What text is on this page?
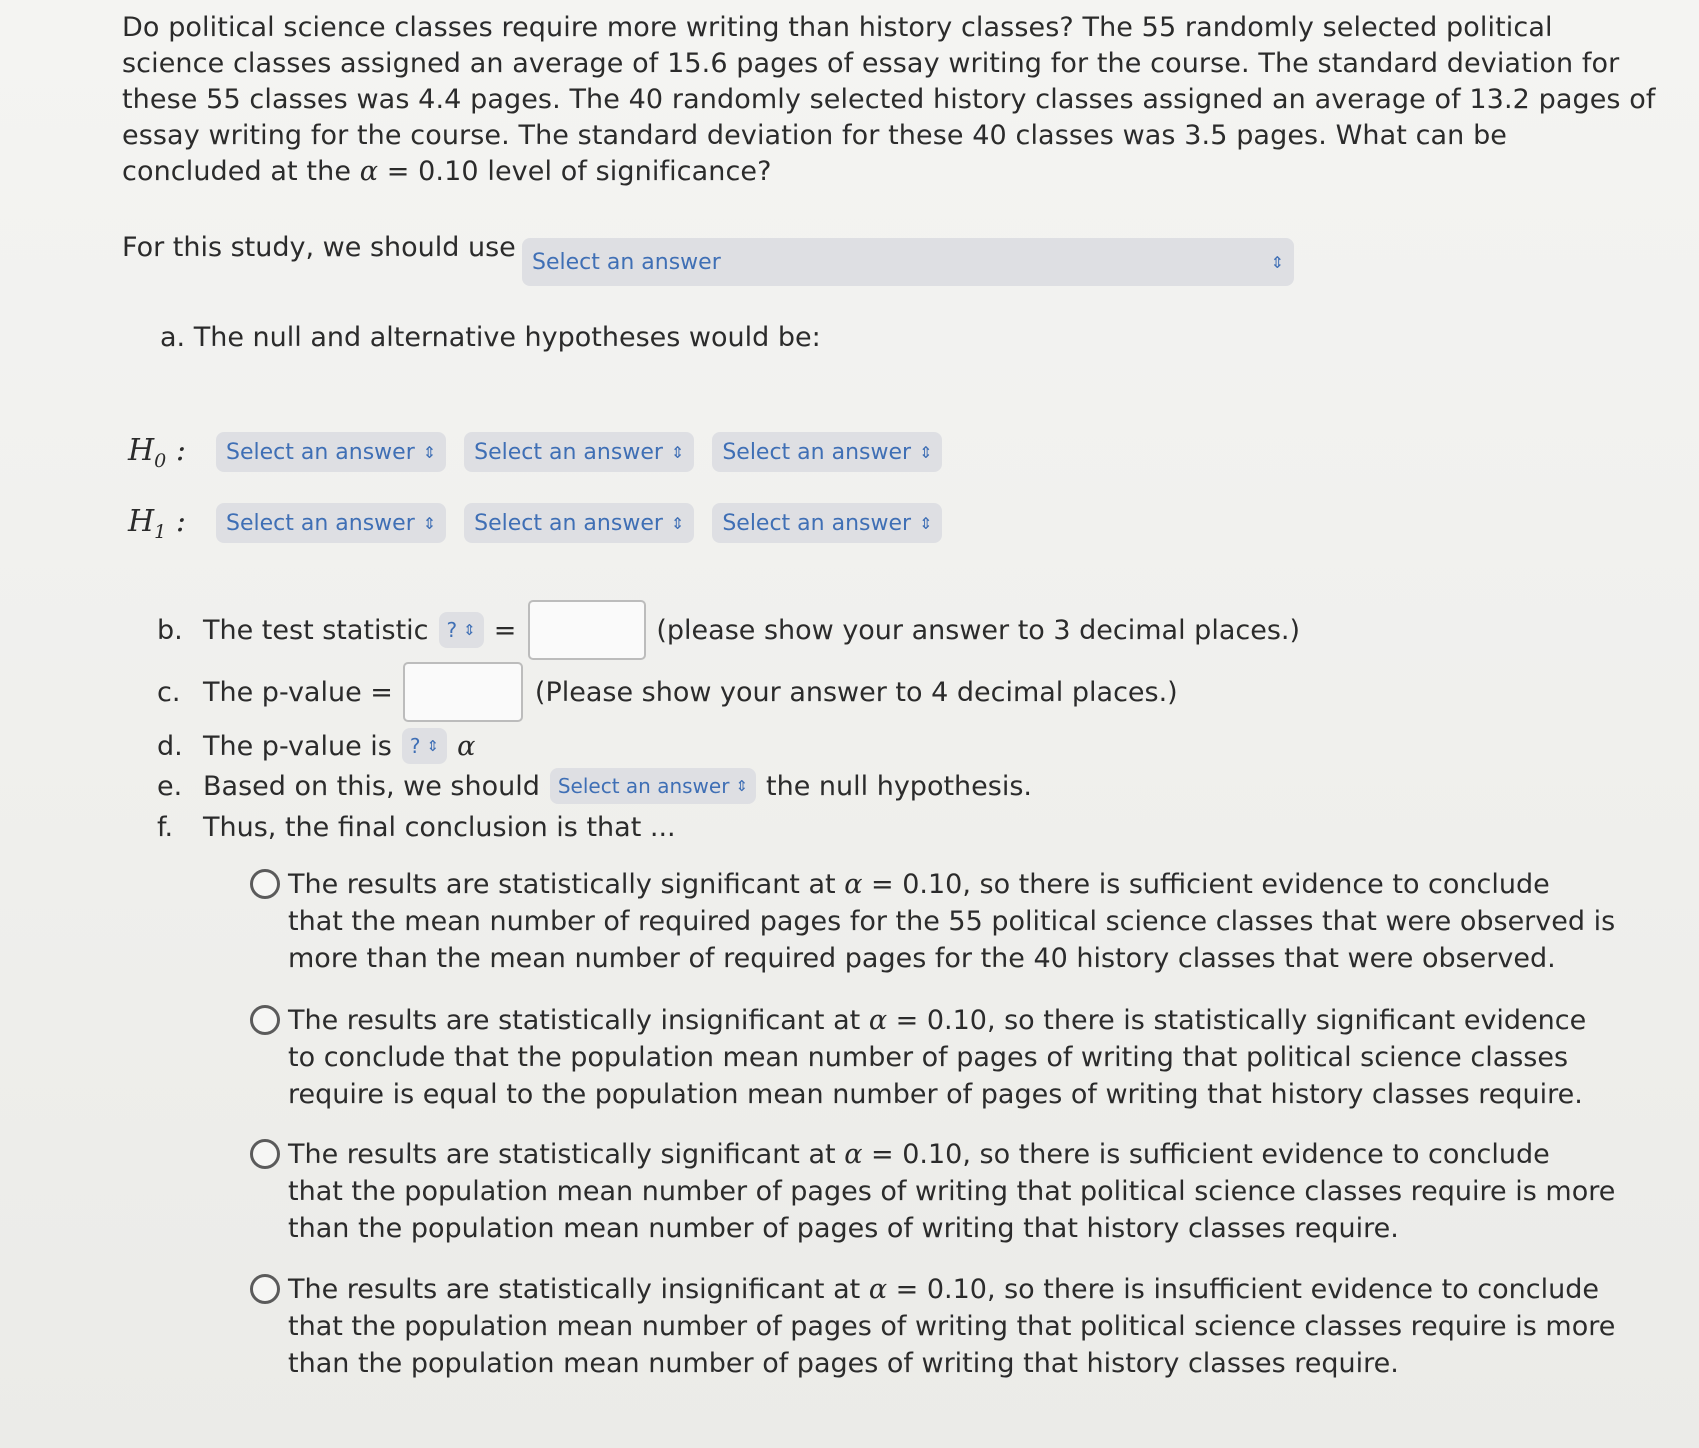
Do political science classes require more writing than history classes? The 55 randomly selected political
science classes assigned an average of 15.6 pages of essay writing for the course. The standard deviation for
these 55 classes was 4.4 pages. The 40 randomly selected history classes assigned an average of 13.2 pages of
essay writing for the course. The standard deviation for these 40 classes was 3.5 pages. What can be
concluded at the α = 0.10 level of significance?
For this study, we should use Select an answer	⇕
a. The null and alternative hypotheses would be:
$H_0$ :	Select an answer ⇕ Select an answer ⇕ Select an answer ⇕
$H_1$ :	Select an answer ⇕ Select an answer ⇕ Select an answer ⇕
b. The test statistic ? ⇕ =	(please show your answer to 3 decimal places.)
c. The p-value =	(Please show your answer to 4 decimal places.)
d. The p-value is ? ⇕ α
e. Based on this, we should Select an answer ⇕ the null hypothesis.
f.	Thus, the final conclusion is that ...
The results are statistically significant at α = 0.10, so there is sufficient evidence to conclude
that the mean number of required pages for the 55 political science classes that were observed is
more than the mean number of required pages for the 40 history classes that were observed.
The results are statistically insignificant at α = 0.10, so there is statistically significant evidence
to conclude that the population mean number of pages of writing that political science classes
require is equal to the population mean number of pages of writing that history classes require.
The results are statistically significant at α = 0.10, so there is sufficient evidence to conclude
that the population mean number of pages of writing that political science classes require is more
than the population mean number of pages of writing that history classes require.
The results are statistically insignificant at α = 0.10, so there is insufficient evidence to conclude
that the population mean number of pages of writing that political science classes require is more
than the population mean number of pages of writing that history classes require.
